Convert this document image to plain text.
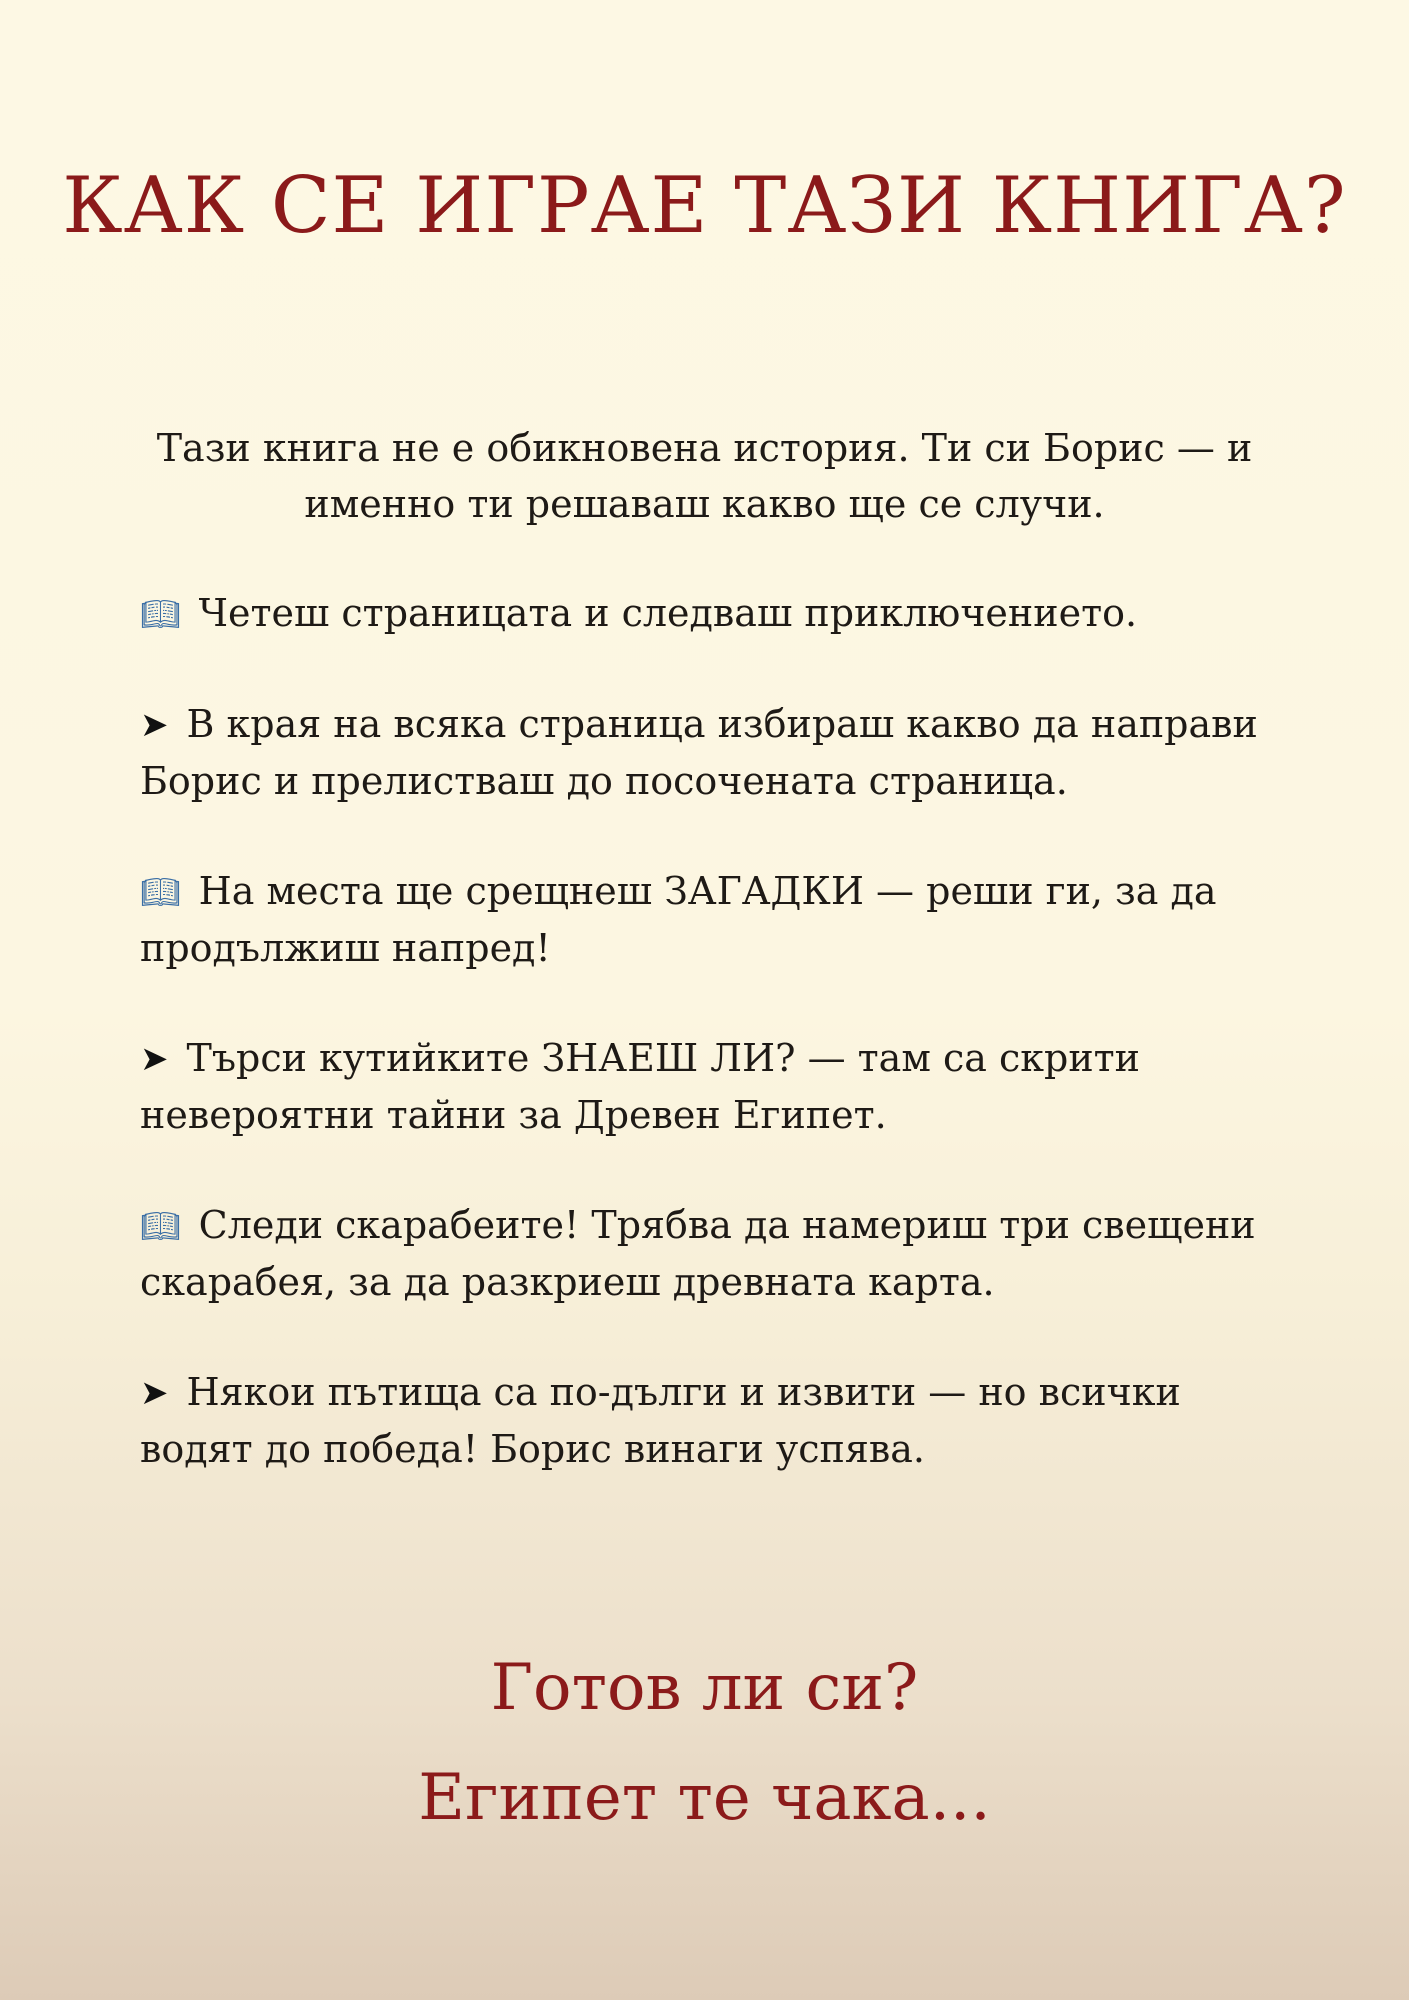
КАК СЕ ИГРАЕ ТАЗИ КНИГА?

Тази книга не е обикновена история. Ти си Борис — и именно ти решаваш какво ще се случи.

📖︎ Четеш страницата и следваш приключението.
➤ В края на всяка страница избираш какво да направи Борис и прелистваш до посочената страница.
📖︎ На места ще срещнеш ЗАГАДКИ — реши ги, за да продължиш напред!
➤ Търси кутийките ЗНАЕШ ЛИ? — там са скрити невероятни тайни за Древен Египет.
📖︎ Следи скарабеите! Трябва да намериш три свещени скарабея, за да разкриеш древната карта.
➤ Някои пътища са по-дълги и извити — но всички водят до победа! Борис винаги успява.

Готов ли си?

Египет те чака...
